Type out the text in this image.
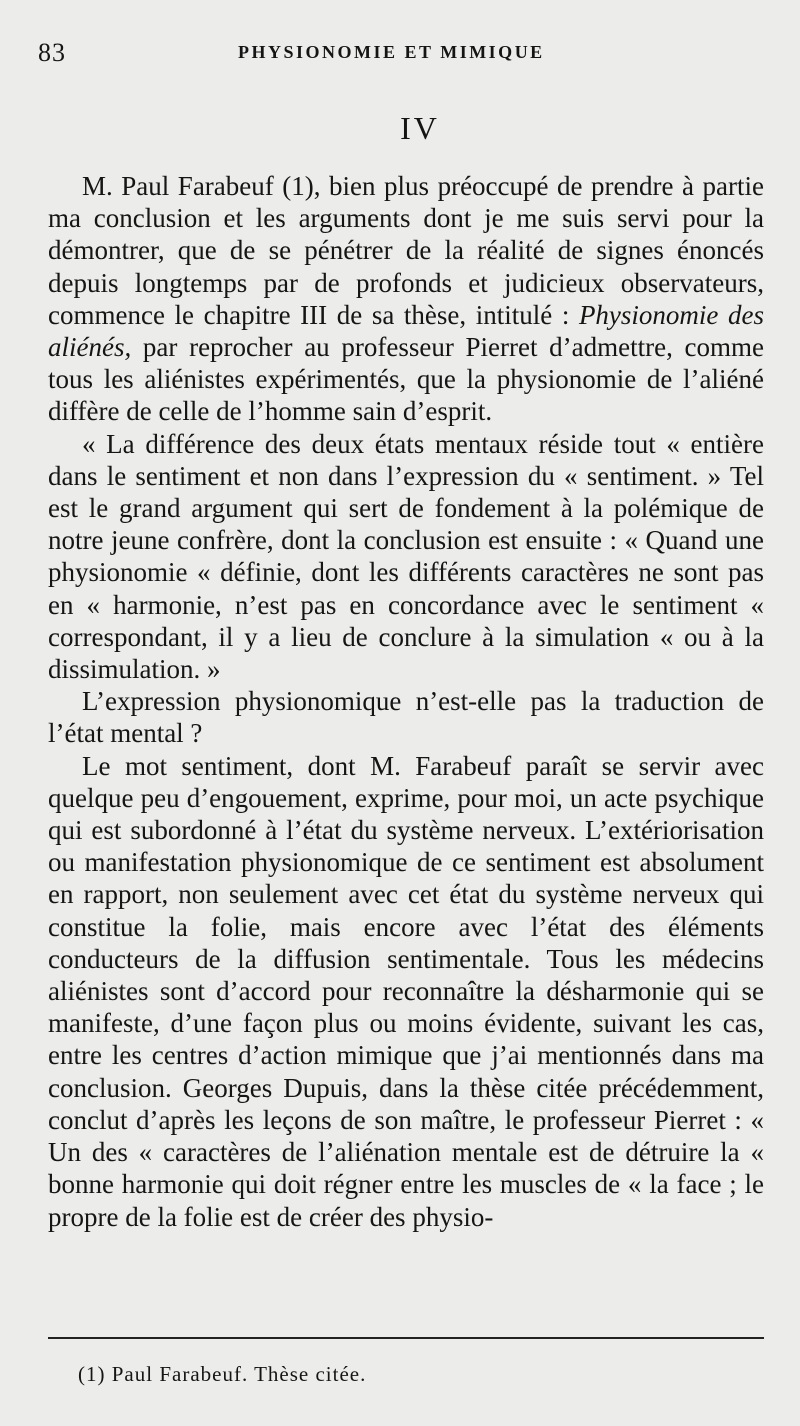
83	PHYSIONOMIE ET MIMIQUE
IV

M. Paul Farabeuf (1), bien plus préoccupé de prendre à partie ma conclusion et les arguments dont je me suis servi pour la démontrer, que de se pénétrer de la réalité de signes énoncés depuis longtemps par de profonds et judicieux observateurs, commence le chapitre III de sa thèse, intitulé : Physionomie des aliénés, par reprocher au professeur Pierret d’admettre, comme tous les aliénistes expérimentés, que la physionomie de l’aliéné diffère de celle de l’homme sain d’esprit.

« La différence des deux états mentaux réside tout « entière dans le sentiment et non dans l’expression du « sentiment. » Tel est le grand argument qui sert de fondement à la polémique de notre jeune confrère, dont la conclusion est ensuite : « Quand une physionomie « définie, dont les différents caractères ne sont pas en « harmonie, n’est pas en concordance avec le sentiment « correspondant, il y a lieu de conclure à la simulation « ou à la dissimulation. »

L’expression physionomique n’est-elle pas la traduction de l’état mental ?

Le mot sentiment, dont M. Farabeuf paraît se servir avec quelque peu d’engouement, exprime, pour moi, un acte psychique qui est subordonné à l’état du système nerveux. L’extériorisation ou manifestation physionomique de ce sentiment est absolument en rapport, non seulement avec cet état du système nerveux qui constitue la folie, mais encore avec l’état des éléments conducteurs de la diffusion sentimentale. Tous les médecins aliénistes sont d’accord pour reconnaître la désharmonie qui se manifeste, d’une façon plus ou moins évidente, suivant les cas, entre les centres d’action mimique que j’ai mentionnés dans ma conclusion. Georges Dupuis, dans la thèse citée précédemment, conclut d’après les leçons de son maître, le professeur Pierret : « Un des « caractères de l’aliénation mentale est de détruire la « bonne harmonie qui doit régner entre les muscles de « la face ; le propre de la folie est de créer des physio-

(1) Paul Farabeuf. Thèse citée.
